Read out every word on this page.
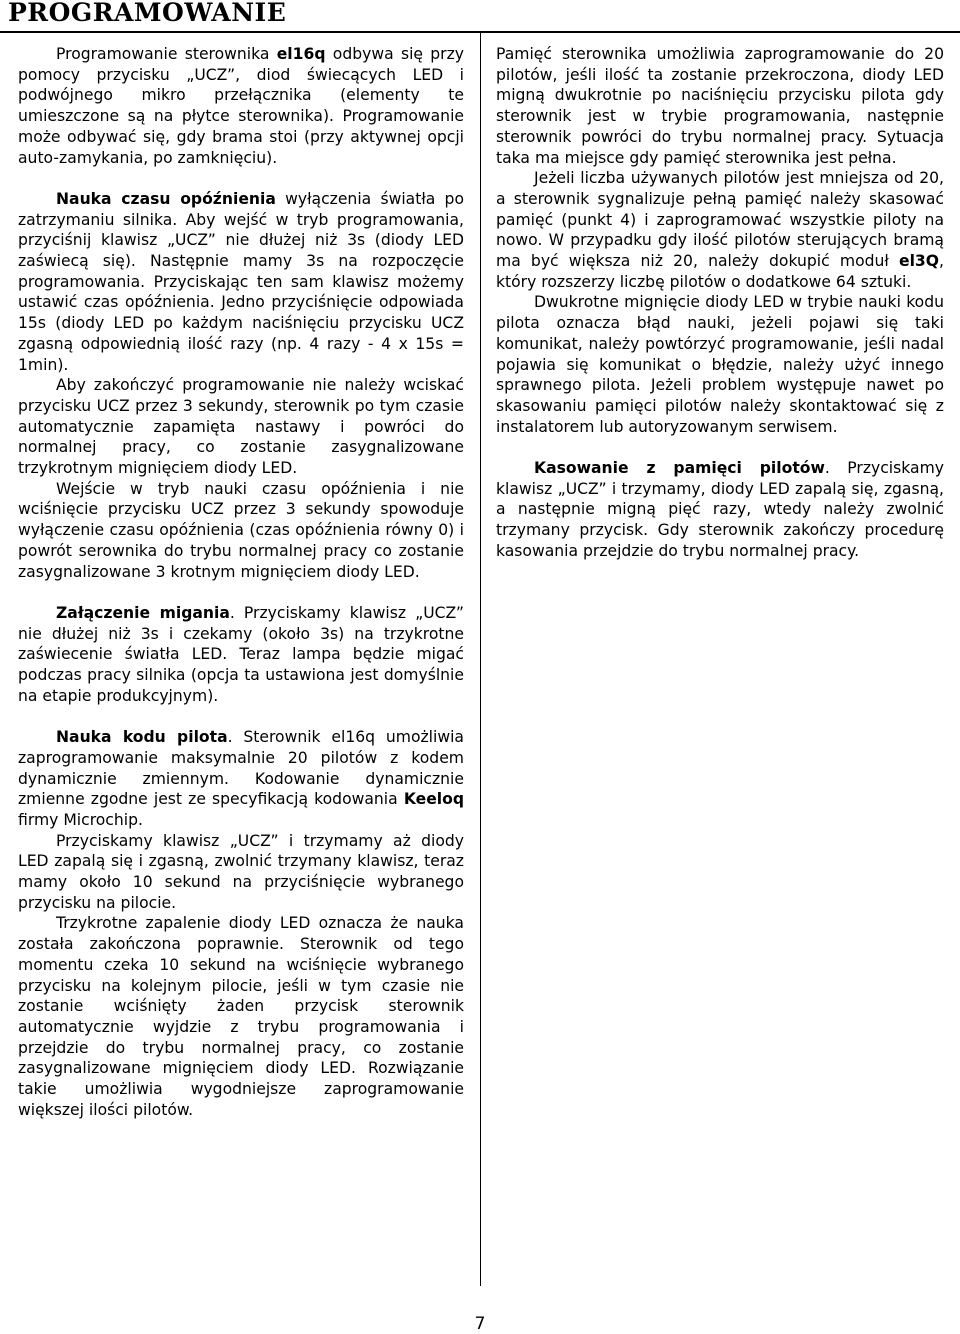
PROGRAMOWANIE

Programowanie sterownika el16q odbywa się przy pomocy przycisku „UCZ”, diod świecących LED i podwójnego mikro przełącznika (elementy te umieszczone są na płytce sterownika). Programowanie może odbywać się, gdy brama stoi (przy aktywnej opcji auto-zamykania, po zamknięciu).

Nauka czasu opóźnienia wyłączenia światła po zatrzymaniu silnika. Aby wejść w tryb programowania, przyciśnij klawisz „UCZ” nie dłużej niż 3s (diody LED zaświecą się). Następnie mamy 3s na rozpoczęcie programowania. Przyciskając ten sam klawisz możemy ustawić czas opóźnienia. Jedno przyciśnięcie odpowiada 15s (diody LED po każdym naciśnięciu przycisku UCZ zgasną odpowiednią ilość razy (np. 4 razy - 4 x 15s = 1min).

Aby zakończyć programowanie nie należy wciskać przycisku UCZ przez 3 sekundy, sterownik po tym czasie automatycznie zapamięta nastawy i powróci do normalnej pracy, co zostanie zasygnalizowane trzykrotnym mignięciem diody LED.

Wejście w tryb nauki czasu opóźnienia i nie wciśnięcie przycisku UCZ przez 3 sekundy spowoduje wyłączenie czasu opóźnienia (czas opóźnienia równy 0) i powrót serownika do trybu normalnej pracy co zostanie zasygnalizowane 3 krotnym mignięciem diody LED.

Załączenie migania. Przyciskamy klawisz „UCZ” nie dłużej niż 3s i czekamy (około 3s) na trzykrotne zaświecenie światła LED. Teraz lampa będzie migać podczas pracy silnika (opcja ta ustawiona jest domyślnie na etapie produkcyjnym).

Nauka kodu pilota. Sterownik el16q umożliwia zaprogramowanie maksymalnie 20 pilotów z kodem dynamicznie zmiennym. Kodowanie dynamicznie zmienne zgodne jest ze specyfikacją kodowania Keeloq firmy Microchip.

Przyciskamy klawisz „UCZ” i trzymamy aż diody LED zapalą się i zgasną, zwolnić trzymany klawisz, teraz mamy około 10 sekund na przyciśnięcie wybranego przycisku na pilocie.

Trzykrotne zapalenie diody LED oznacza że nauka została zakończona poprawnie. Sterownik od tego momentu czeka 10 sekund na wciśnięcie wybranego przycisku na kolejnym pilocie, jeśli w tym czasie nie zostanie wciśnięty żaden przycisk sterownik automatycznie wyjdzie z trybu programowania i przejdzie do trybu normalnej pracy, co zostanie zasygnalizowane mignięciem diody LED. Rozwiązanie takie umożliwia wygodniejsze zaprogramowanie większej ilości pilotów.

Pamięć sterownika umożliwia zaprogramowanie do 20 pilotów, jeśli ilość ta zostanie przekroczona, diody LED migną dwukrotnie po naciśnięciu przycisku pilota gdy sterownik jest w trybie programowania, następnie sterownik powróci do trybu normalnej pracy. Sytuacja taka ma miejsce gdy pamięć sterownika jest pełna.

Jeżeli liczba używanych pilotów jest mniejsza od 20, a sterownik sygnalizuje pełną pamięć należy skasować pamięć (punkt 4) i zaprogramować wszystkie piloty na nowo. W przypadku gdy ilość pilotów sterujących bramą ma być większa niż 20, należy dokupić moduł el3Q, który rozszerzy liczbę pilotów o dodatkowe 64 sztuki.

Dwukrotne mignięcie diody LED w trybie nauki kodu pilota oznacza błąd nauki, jeżeli pojawi się taki komunikat, należy powtórzyć programowanie, jeśli nadal pojawia się komunikat o błędzie, należy użyć innego sprawnego pilota. Jeżeli problem występuje nawet po skasowaniu pamięci pilotów należy skontaktować się z instalatorem lub autoryzowanym serwisem.

Kasowanie z pamięci pilotów. Przyciskamy klawisz „UCZ” i trzymamy, diody LED zapalą się, zgasną, a następnie migną pięć razy, wtedy należy zwolnić trzymany przycisk. Gdy sterownik zakończy procedurę kasowania przejdzie do trybu normalnej pracy.

7
